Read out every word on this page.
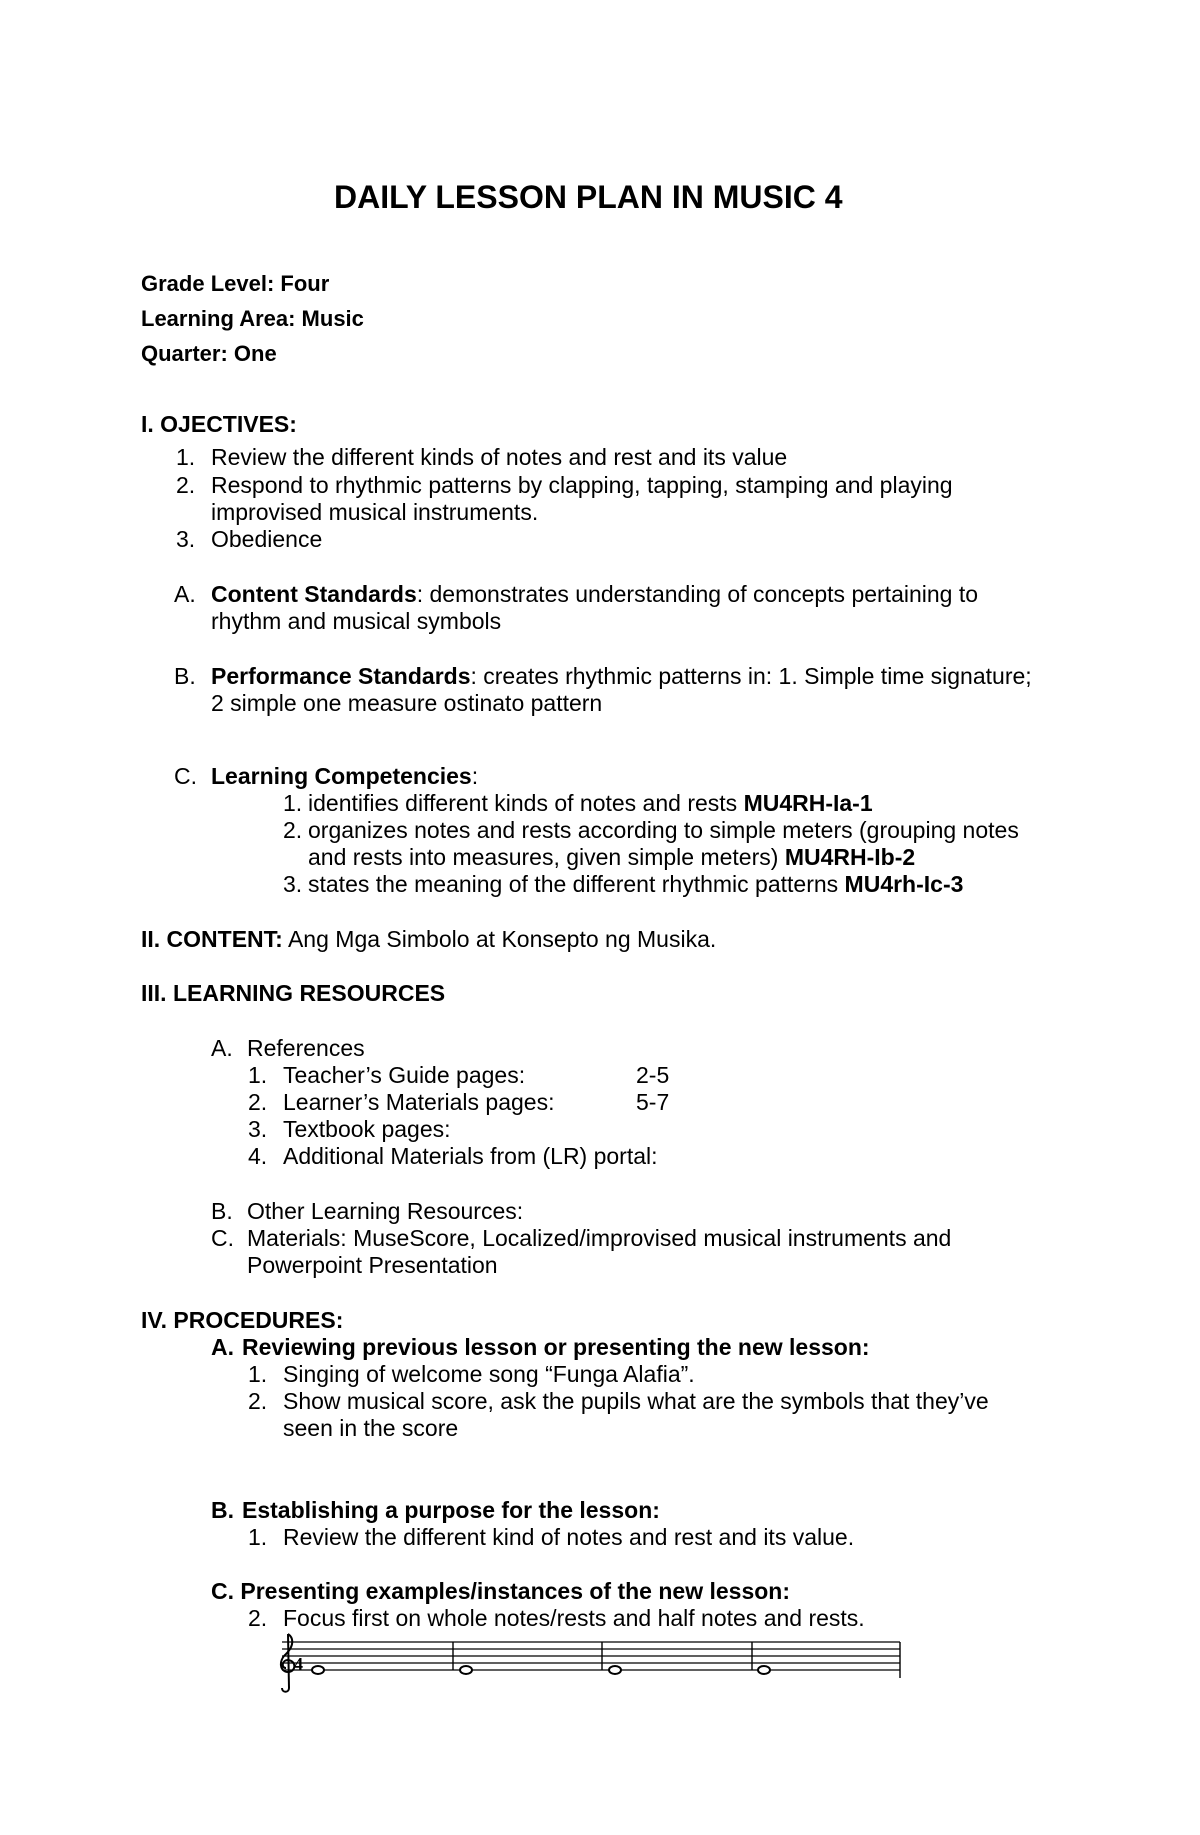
DAILY LESSON PLAN IN MUSIC 4
Grade Level: Four
Learning Area: Music
Quarter: One
I. OJECTIVES:
1. Review the different kinds of notes and rest and its value
2. Respond to rhythmic patterns by clapping, tapping, stamping and playing
improvised musical instruments.
3. Obedience
A. Content Standards: demonstrates understanding of concepts pertaining to
rhythm and musical symbols
B. Performance Standards: creates rhythmic patterns in: 1. Simple time signature;
2 simple one measure ostinato pattern
C. Learning Competencies:
1. identifies different kinds of notes and rests MU4RH-Ia-1
2. organizes notes and rests according to simple meters (grouping notes
and rests into measures, given simple meters) MU4RH-Ib-2
3. states the meaning of the different rhythmic patterns MU4rh-Ic-3
II. CONTENT: Ang Mga Simbolo at Konsepto ng Musika.
III. LEARNING RESOURCES
A. References
1. Teacher’s Guide pages:	2-5
2. Learner’s Materials pages:	5-7
3. Textbook pages:
4. Additional Materials from (LR) portal:
B. Other Learning Resources:
C. Materials: MuseScore, Localized/improvised musical instruments and
Powerpoint Presentation
IV. PROCEDURES:
A. Reviewing previous lesson or presenting the new lesson:
1. Singing of welcome song “Funga Alafia”.
2. Show musical score, ask the pupils what are the symbols that they’ve
seen in the score
B. Establishing a purpose for the lesson:
1. Review the different kind of notes and rest and its value.
C. Presenting examples/instances of the new lesson:
2. Focus first on whole notes/rests and half notes and rests.
4
